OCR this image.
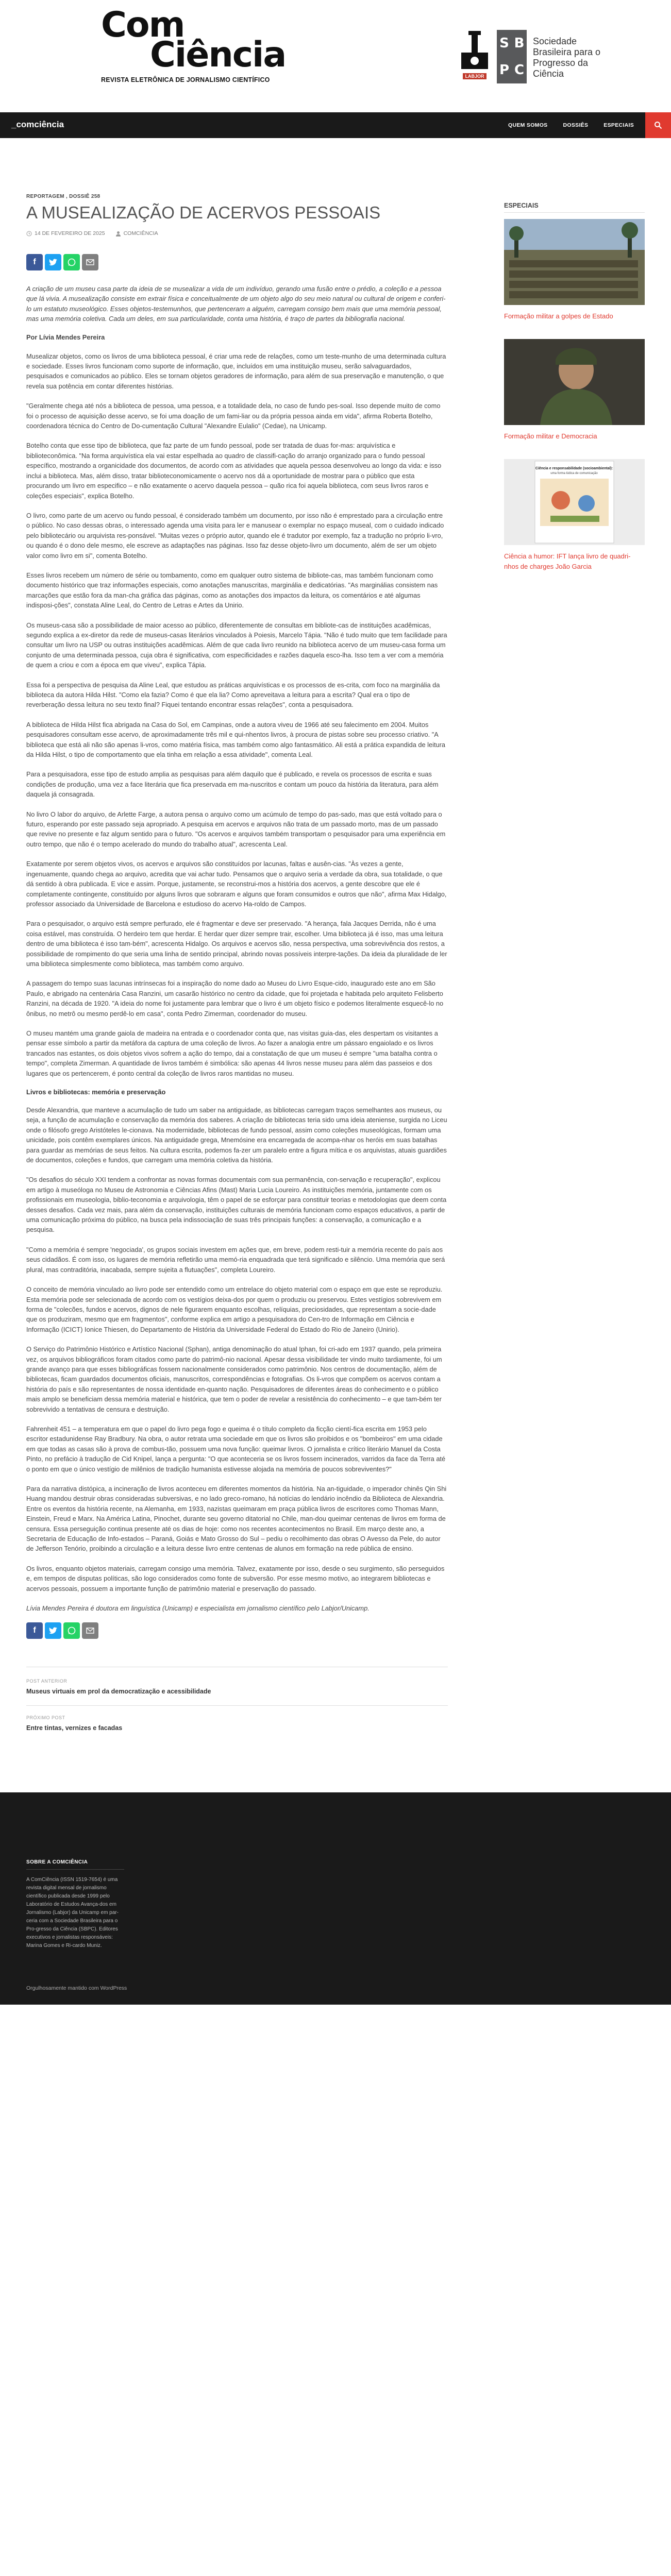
Com
Ciência
REVISTA ELETRÔNICA DE JORNALISMO CIENTÍFICO	LABJOR
S B
P C
Sociedade Brasileira para o Progresso da Ciência
_comciência	QUEM SOMOS	DOSSIÊS	ESPECIAIS
REPORTAGEM , DOSSIÊ 258
A MUSEALIZAÇÃO DE ACERVOS PESSOAIS
14 DE FEVEREIRO DE 2025	COMCIÊNCIA
f

A criação de um museu casa parte da ideia de se musealizar a vida de um indivíduo, gerando uma fusão entre o prédio, a coleção e a pessoa que lá vivia. A musealização consiste em extrair física e conceitualmente de um objeto algo do seu meio natural ou cultural de origem e conferi-lo um estatuto museológico. Esses objetos-testemunhos, que pertenceram a alguém, carregam consigo bem mais que uma memória pessoal, mas uma memória coletiva. Cada um deles, em sua particularidade, conta uma história, é traço de partes da bibliografia nacional.

Por Lívia Mendes Pereira

Musealizar objetos, como os livros de uma biblioteca pessoal, é criar uma rede de relações, como um teste-munho de uma determinada cultura e sociedade. Esses livros funcionam como suporte de informação, que, incluídos em uma instituição museu, serão salvaguardados, pesquisados e comunicados ao público. Eles se tornam objetos geradores de informação, para além de sua preservação e manutenção, o que revela sua potência em contar diferentes histórias.

"Geralmente chega até nós a biblioteca de pessoa, uma pessoa, e a totalidade dela, no caso de fundo pes-soal. Isso depende muito de como foi o processo de aquisição desse acervo, se foi uma doação de um fami-liar ou da própria pessoa ainda em vida", afirma Roberta Botelho, coordenadora técnica do Centro de Do-cumentação Cultural "Alexandre Eulalio" (Cedae), na Unicamp.

Botelho conta que esse tipo de biblioteca, que faz parte de um fundo pessoal, pode ser tratada de duas for-mas: arquivística e biblioteconômica. "Na forma arquivística ela vai estar espelhada ao quadro de classifi-cação do arranjo organizado para o fundo pessoal específico, mostrando a organicidade dos documentos, de acordo com as atividades que aquela pessoa desenvolveu ao longo da vida: e isso inclui a biblioteca. Mas, além disso, tratar biblioteconomicamente o acervo nos dá a oportunidade de mostrar para o público que esta procurando um livro em especifico – e não exatamente o acervo daquela pessoa – quão rica foi aquela biblioteca, com seus livros raros e coleções especiais", explica Botelho.

O livro, como parte de um acervo ou fundo pessoal, é considerado também um documento, por isso não é emprestado para a circulação entre o público. No caso dessas obras, o interessado agenda uma visita para ler e manusear o exemplar no espaço museal, com o cuidado indicado pelo bibliotecário ou arquivista res-ponsável. "Muitas vezes o próprio autor, quando ele é tradutor por exemplo, faz a tradução no próprio li-vro, ou quando é o dono dele mesmo, ele escreve as adaptações nas páginas. Isso faz desse objeto-livro um documento, além de ser um objeto valor como livro em si", comenta Botelho.

Esses livros recebem um número de série ou tombamento, como em qualquer outro sistema de bibliote-cas, mas também funcionam como documento histórico que traz informações especiais, como anotações manuscritas, marginália e dedicatórias. "As marginálias consistem nas marcações que estão fora da man-cha gráfica das páginas, como as anotações dos impactos da leitura, os comentários e até algumas indisposi-ções", constata Aline Leal, do Centro de Letras e Artes da Unirio.

Os museus-casa são a possibilidade de maior acesso ao público, diferentemente de consultas em bibliote-cas de instituições acadêmicas, segundo explica a ex-diretor da rede de museus-casas literários vinculados à Poiesis, Marcelo Tápia. "Não é tudo muito que tem facilidade para consultar um livro na USP ou outras instituições acadêmicas. Além de que cada livro reunido na biblioteca acervo de um museu-casa forma um conjunto de uma determinada pessoa, cuja obra é significativa, com especificidades e razões daquela esco-lha. Isso tem a ver com a memória de quem a criou e com a época em que viveu", explica Tápia.

Essa foi a perspectiva de pesquisa da Aline Leal, que estudou as práticas arquivísticas e os processos de es-crita, com foco na marginália da biblioteca da autora Hilda Hilst. "Como ela fazia? Como é que ela lia? Como apreveitava a leitura para a escrita? Qual era o tipo de reverberação dessa leitura no seu texto final? Fiquei tentando encontrar essas relações", conta a pesquisadora.

A biblioteca de Hilda Hilst fica abrigada na Casa do Sol, em Campinas, onde a autora viveu de 1966 até seu falecimento em 2004. Muitos pesquisadores consultam esse acervo, de aproximadamente três mil e qui-nhentos livros, à procura de pistas sobre seu processo criativo. "A biblioteca que está ali não são apenas li-vros, como matéria física, mas também como algo fantasmático. Ali está a prática expandida de leitura da Hilda Hilst, o tipo de comportamento que ela tinha em relação a essa atividade", comenta Leal.

Para a pesquisadora, esse tipo de estudo amplia as pesquisas para além daquilo que é publicado, e revela os processos de escrita e suas condições de produção, uma vez a face literária que fica preservada em ma-nuscritos e contam um pouco da história da literatura, para além daquela já consagrada.

No livro O labor do arquivo, de Arlette Farge, a autora pensa o arquivo como um acúmulo de tempo do pas-sado, mas que está voltado para o futuro, esperando por este passado seja apropriado. A pesquisa em acervos e arquivos não trata de um passado morto, mas de um passado que revive no presente e faz algum sentido para o futuro. "Os acervos e arquivos também transportam o pesquisador para uma experiência em outro tempo, que não é o tempo acelerado do mundo do trabalho atual", acrescenta Leal.

Exatamente por serem objetos vivos, os acervos e arquivos são constituídos por lacunas, faltas e ausên-cias. "Às vezes a gente, ingenuamente, quando chega ao arquivo, acredita que vai achar tudo. Pensamos que o arquivo seria a verdade da obra, sua totalidade, o que dá sentido à obra publicada. E vice e assim. Porque, justamente, se reconstrui-mos a história dos acervos, a gente descobre que ele é completamente contingente, constituído por alguns livros que sobraram e alguns que foram consumidos e outros que não", afirma Max Hidalgo, professor associado da Universidade de Barcelona e estudioso do acervo Ha-roldo de Campos.

Para o pesquisador, o arquivo está sempre perfurado, ele é fragmentar e deve ser preservado. "A herança, fala Jacques Derrida, não é uma coisa estável, mas construída. O herdeiro tem que herdar. E herdar quer dizer sempre trair, escolher. Uma biblioteca já é isso, mas uma leitura dentro de uma biblioteca é isso tam-bém", acrescenta Hidalgo. Os arquivos e acervos são, nessa perspectiva, uma sobrevivência dos restos, a possibilidade de rompimento do que seria uma linha de sentido principal, abrindo novas possíveis interpre-tações. Da ideia da pluralidade de ler uma biblioteca simplesmente como biblioteca, mas também como arquivo.

A passagem do tempo suas lacunas intrínsecas foi a inspiração do nome dado ao Museu do Livro Esque-cido, inaugurado este ano em São Paulo, e abrigado na centenária Casa Ranzini, um casarão histórico no centro da cidade, que foi projetada e habitada pelo arquiteto Felisberto Ranzini, na década de 1920. "A ideia do nome foi justamente para lembrar que o livro é um objeto físico e podemos literalmente esquecê-lo no ônibus, no metrô ou mesmo perdê-lo em casa", conta Pedro Zimerman, coordenador do museu.

O museu mantém uma grande gaiola de madeira na entrada e o coordenador conta que, nas visitas guia-das, eles despertam os visitantes a pensar esse símbolo a partir da metáfora da captura de uma coleção de livros. Ao fazer a analogia entre um pássaro engaiolado e os livros trancados nas estantes, os dois objetos vivos sofrem a ação do tempo, dai a constatação de que um museu é sempre "uma batalha contra o tempo", completa Zimerman. A quantidade de livros também é simbólica: são apenas 44 livros nesse museu para além das passeios e dos lugares que os pertencerem, é ponto central da coleção de livros raros mantidas no museu.

Livros e bibliotecas: memória e preservação

Desde Alexandria, que manteve a acumulação de tudo um saber na antiguidade, as bibliotecas carregam traços semelhantes aos museus, ou seja, a função de acumulação e conservação da memória dos saberes. A criação de bibliotecas teria sido uma ideia ateniense, surgida no Liceu onde o filósofo grego Aristóteles le-cionava. Na modernidade, bibliotecas de fundo pessoal, assim como coleções museológicas, formam uma unicidade, pois contêm exemplares únicos. Na antiguidade grega, Mnemósine era encarregada de acompa-nhar os heróis em suas batalhas para guardar as memórias de seus feitos. Na cultura escrita, podemos fa-zer um paralelo entre a figura mítica e os arquivistas, atuais guardiões de documentos, coleções e fundos, que carregam uma memória coletiva da história.

"Os desafios do século XXI tendem a confrontar as novas formas documentais com sua permanência, con-servação e recuperação", explicou em artigo à museóloga no Museu de Astronomia e Ciências Afins (Mast) Maria Lucia Loureiro. As instituições memória, juntamente com os profissionais em museologia, biblio-teconomia e arquivologia, têm o papel de se esforçar para constituir teorias e metodologias que deem conta desses desafios. Cada vez mais, para além da conservação, instituições culturais de memória funcionam como espaços educativos, a partir de uma comunicação próxima do público, na busca pela indissociação de suas três principais funções: a conservação, a comunicação e a pesquisa.

"Como a memória é sempre 'negociada', os grupos sociais investem em ações que, em breve, podem resti-tuir a memória recente do país aos seus cidadãos. É com isso, os lugares de memória refletirão uma memó-ria enquadrada que terá significado e silêncio. Uma memória que será plural, mas contraditória, inacabada, sempre sujeita a flutuações", completa Loureiro.

O conceito de memória vinculado ao livro pode ser entendido como um entrelace do objeto material com o espaço em que este se reproduziu. Esta memória pode ser selecionada de acordo com os vestígios deixa-dos por quem o produziu ou preservou. Estes vestígios sobrevivem em forma de "colecões, fundos e acervos, dignos de nele figurarem enquanto escolhas, relíquias, preciosidades, que representam a socie-dade que os produziram, mesmo que em fragmentos", conforme explica em artigo a pesquisadora do Cen-tro de Informação em Ciência e Informação (ICICT) Ionice Thiesen, do Departamento de História da Universidade Federal do Estado do Rio de Janeiro (Unirio).

O Serviço do Patrimônio Histórico e Artístico Nacional (Sphan), antiga denominação do atual Iphan, foi cri-ado em 1937 quando, pela primeira vez, os arquivos bibliográficos foram citados como parte do patrimô-nio nacional. Apesar dessa visibilidade ter vindo muito tardiamente, foi um grande avanço para que esses bibliográficas fossem nacionalmente considerados como patrimônio. Nos centros de documentação, além de bibliotecas, ficam guardados documentos oficiais, manuscritos, correspondências e fotografias. Os li-vros que compõem os acervos contam a história do país e são representantes de nossa identidade en-quanto nação. Pesquisadores de diferentes áreas do conhecimento e o público mais amplo se beneficiam dessa memória material e histórica, que tem o poder de revelar a resistência do conhecimento – e que tam-bém ter sobrevivido a tentativas de censura e destruição.

Fahrenheit 451 – a temperatura em que o papel do livro pega fogo e queima é o título completo da ficção cientí-fica escrita em 1953 pelo escritor estadunidense Ray Bradbury. Na obra, o autor retrata uma sociedade em que os livros são proibidos e os "bombeiros" em uma cidade em que todas as casas são à prova de combus-tão, possuem uma nova função: queimar livros. O jornalista e crítico literário Manuel da Costa Pinto, no prefácio à tradução de Cid Knipel, lança a pergunta: "O que aconteceria se os livros fossem incinerados, varridos da face da Terra até o ponto em que o único vestígio de milênios de tradição humanista estivesse alojada na memória de poucos sobreviventes?"

Para da narrativa distópica, a incineração de livros aconteceu em diferentes momentos da história. Na an-tiguidade, o imperador chinês Qin Shi Huang mandou destruir obras consideradas subversivas, e no lado greco-romano, há notícias do lendário incêndio da Biblioteca de Alexandria. Entre os eventos da história recente, na Alemanha, em 1933, nazistas queimaram em praça pública livros de escritores como Thomas Mann, Einstein, Freud e Marx. Na América Latina, Pinochet, durante seu governo ditatorial no Chile, man-dou queimar centenas de livros em forma de censura. Essa perseguição continua presente até os dias de hoje: como nos recentes acontecimentos no Brasil. Em março deste ano, a Secretaria de Educação de Info-estados – Paraná, Goiás e Mato Grosso do Sul – pediu o recolhimento das obras O Avesso da Pele, do autor de Jefferson Tenório, proibindo a circulação e a leitura desse livro entre centenas de alunos em formação na rede pública de ensino.

Os livros, enquanto objetos materiais, carregam consigo uma memória. Talvez, exatamente por isso, desde o seu surgimento, são perseguidos e, em tempos de disputas políticas, são logo considerados como fonte de subversão. Por esse mesmo motivo, ao integrarem bibliotecas e acervos pessoais, possuem a importante função de patrimônio material e preservação do passado.

Lívia Mendes Pereira é doutora em linguística (Unicamp) e especialista em jornalismo científico pelo Labjor/Unicamp.

f
POST ANTERIOR
Museus virtuais em prol da democratização e acessibilidade
PRÓXIMO POST
Entre tintas, vernizes e facadas
ESPECIAIS
Formação militar a golpes de Estado
Formação militar e Democracia
Ciência e responsabilidade (socioambiental):
uma forma lúdica de comunicação
Ciência a humor: IFT lança livro de quadri-nhos de charges João Garcia
SOBRE A COMCIÊNCIA
A ComCiência (ISSN 1519-7654) é uma revista digital mensal de jornalismo científico publicada desde 1999 pelo Laboratório de Estudos Avança-dos em Jornalismo (Labjor) da Unicamp em par-ceria com a Sociedade Brasileira para o Pro-gresso da Ciência (SBPC). Editores executivos e jornalistas responsáveis: Marina Gomes e Ri-cardo Muniz.
Orgulhosamente mantido com WordPress
